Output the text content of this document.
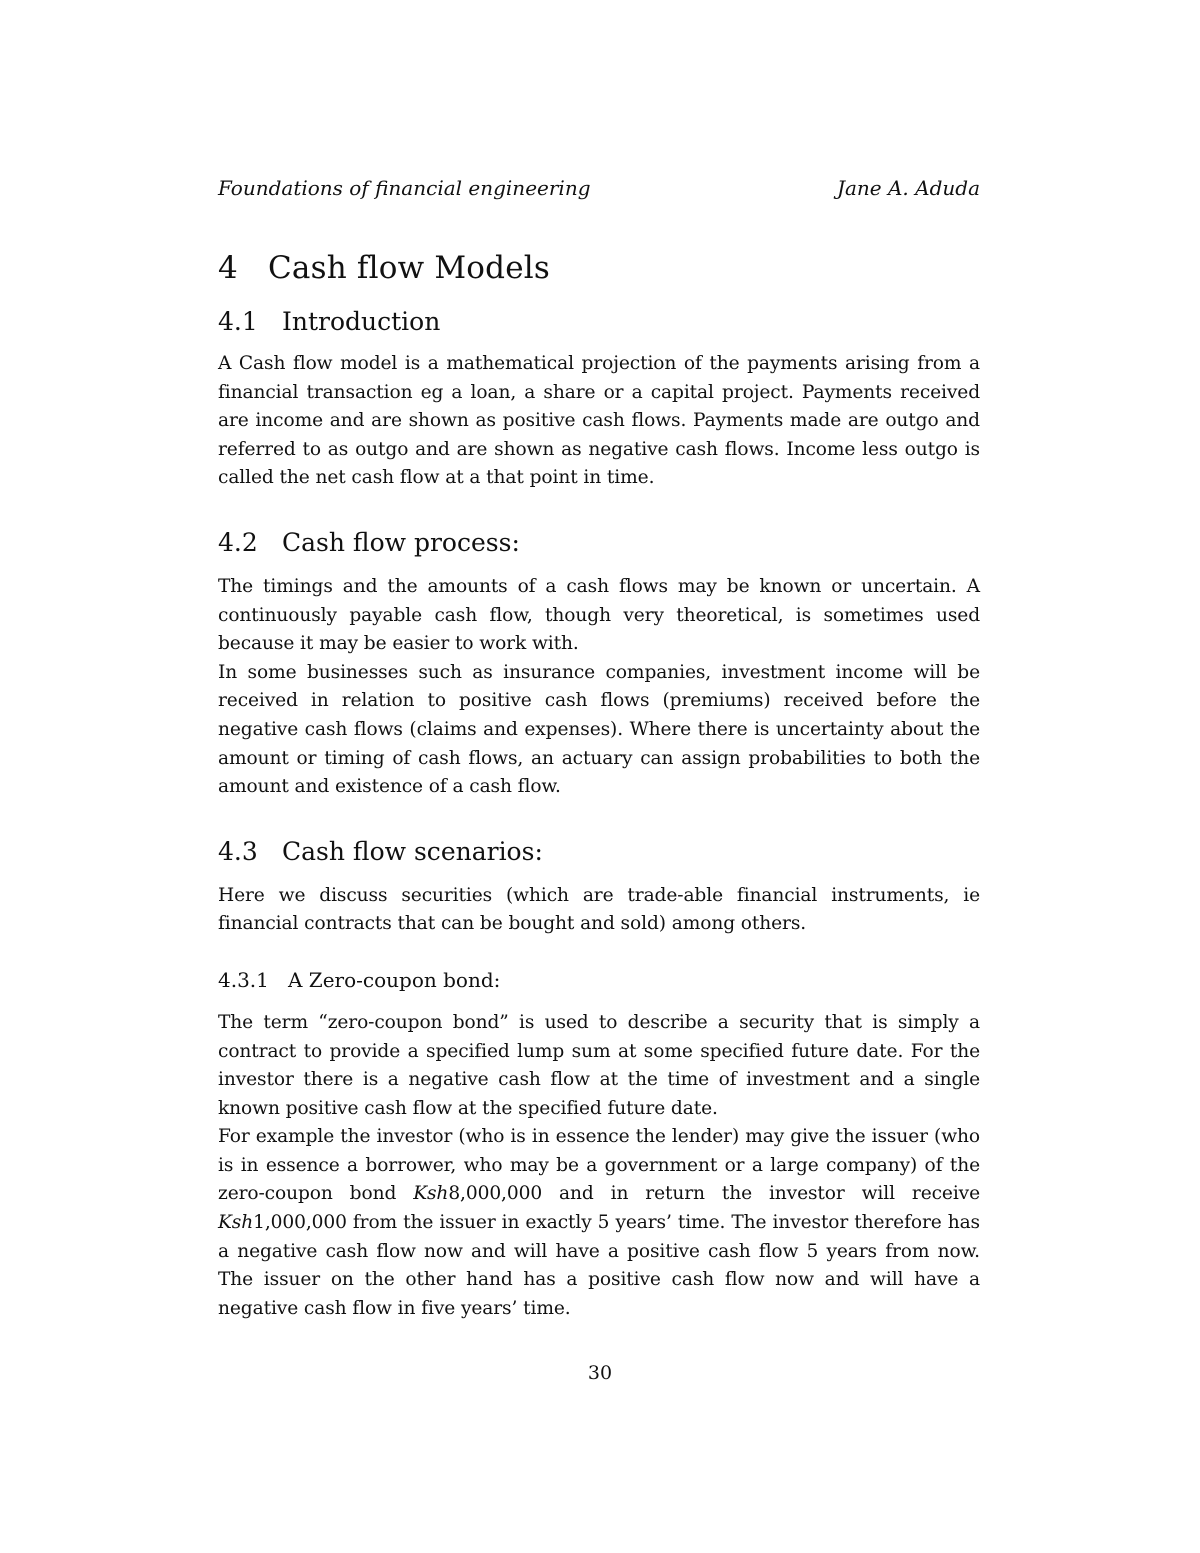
Foundations of financial engineering	Jane A. Aduda
4 Cash flow Models
4.1 Introduction

A Cash flow model is a mathematical projection of the payments arising from a financial transaction eg a loan, a share or a capital project. Payments received are income and are shown as positive cash flows. Payments made are outgo and referred to as outgo and are shown as negative cash flows. Income less outgo is called the net cash flow at a that point in time.

4.2 Cash flow process:

The timings and the amounts of a cash flows may be known or uncertain. A continuously payable cash flow, though very theoretical, is sometimes used because it may be easier to work with.

In some businesses such as insurance companies, investment income will be received in relation to positive cash flows (premiums) received before the negative cash flows (claims and expenses). Where there is uncertainty about the amount or timing of cash flows, an actuary can assign probabilities to both the amount and existence of a cash flow.

4.3 Cash flow scenarios:

Here we discuss securities (which are trade-able financial instruments, ie financial contracts that can be bought and sold) among others.

4.3.1 A Zero-coupon bond:

The term “zero-coupon bond” is used to describe a security that is simply a contract to provide a specified lump sum at some specified future date. For the investor there is a negative cash flow at the time of investment and a single known positive cash flow at the specified future date.

For example the investor (who is in essence the lender) may give the issuer (who is in essence a borrower, who may be a government or a large company) of the zero-coupon bond Ksh8,000,000 and in return the investor will receive Ksh1,000,000 from the issuer in exactly 5 years’ time. The investor therefore has a negative cash flow now and will have a positive cash flow 5 years from now. The issuer on the other hand has a positive cash flow now and will have a negative cash flow in five years’ time.

30
